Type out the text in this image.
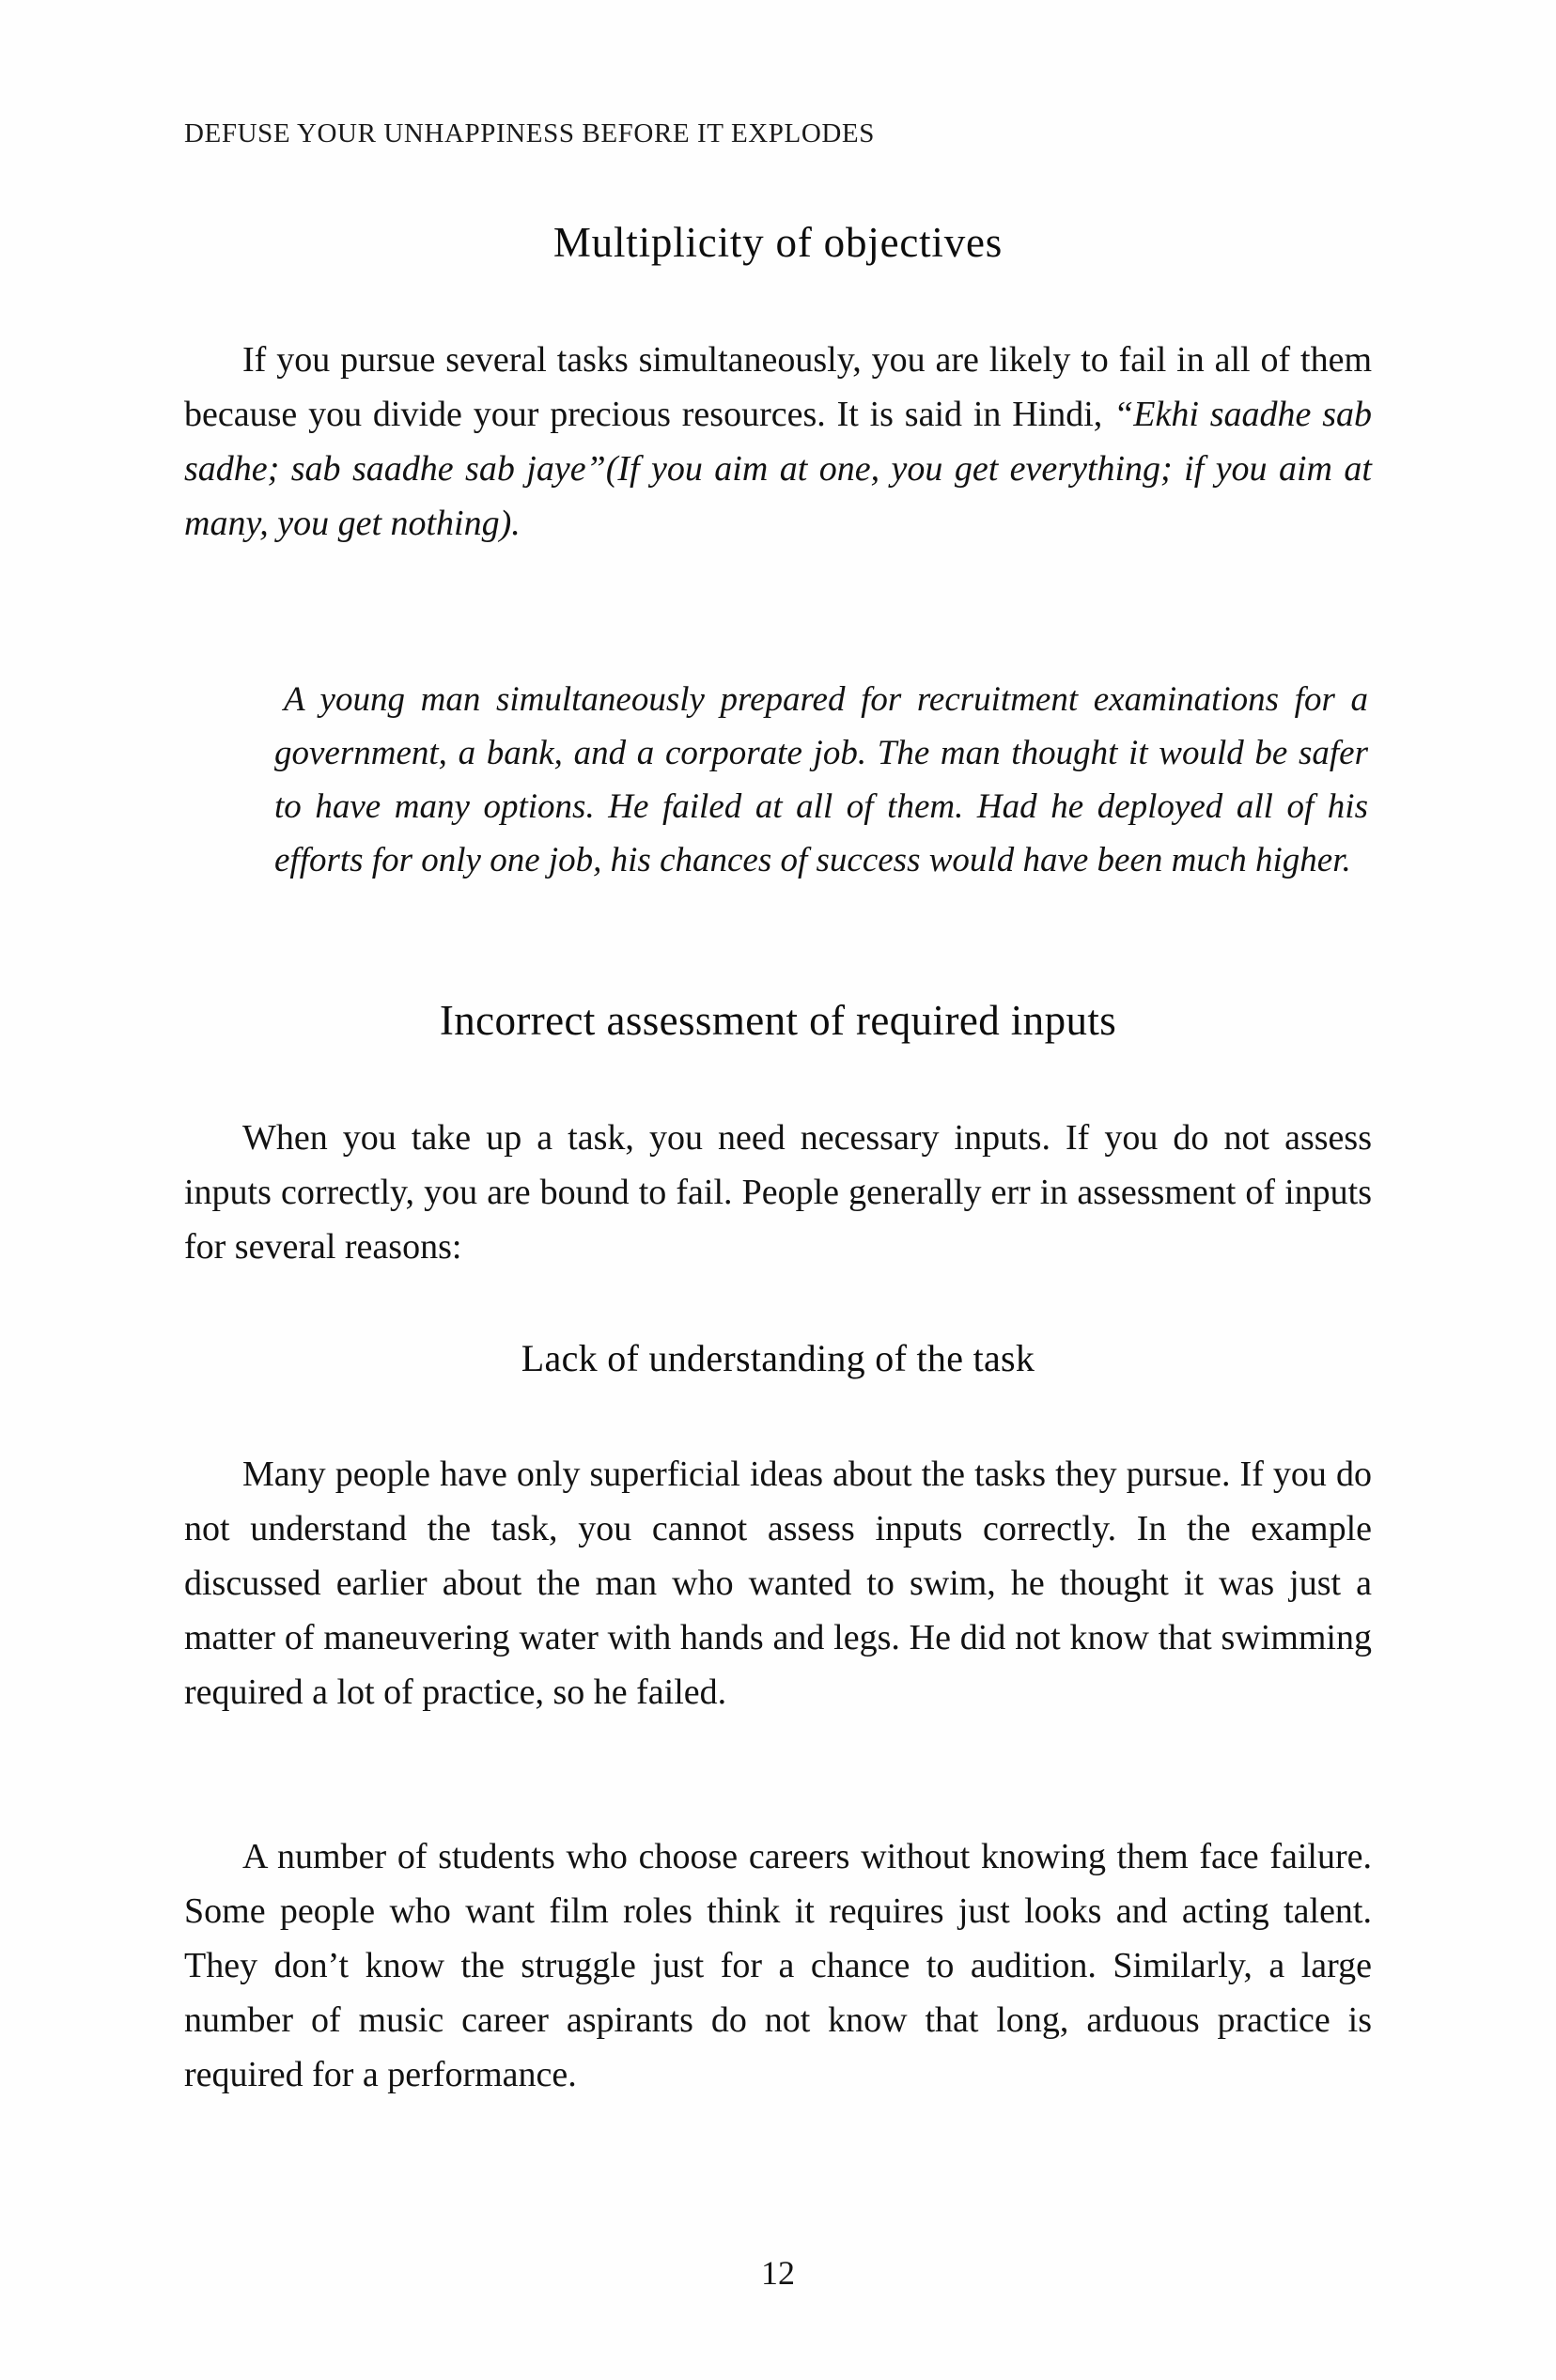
DEFUSE YOUR UNHAPPINESS BEFORE IT EXPLODES
Multiplicity of objectives

If you pursue several tasks simultaneously, you are likely to fail in all of them because you divide your precious resources. It is said in Hindi, “Ekhi saadhe sab sadhe; sab saadhe sab jaye”(If you aim at one, you get everything; if you aim at many, you get nothing).

A young man simultaneously prepared for recruitment examinations for a government, a bank, and a corporate job. The man thought it would be safer to have many options. He failed at all of them. Had he deployed all of his efforts for only one job, his chances of success would have been much higher.

Incorrect assessment of required inputs

When you take up a task, you need necessary inputs. If you do not assess inputs correctly, you are bound to fail. People generally err in assessment of inputs for several reasons:

Lack of understanding of the task

Many people have only superficial ideas about the tasks they pursue. If you do not understand the task, you cannot assess inputs correctly. In the example discussed earlier about the man who wanted to swim, he thought it was just a matter of maneuvering water with hands and legs. He did not know that swimming required a lot of practice, so he failed.

A number of students who choose careers without knowing them face failure. Some people who want film roles think it requires just looks and acting talent. They don’t know the struggle just for a chance to audition. Similarly, a large number of music career aspirants do not know that long, arduous practice is required for a performance.

12
